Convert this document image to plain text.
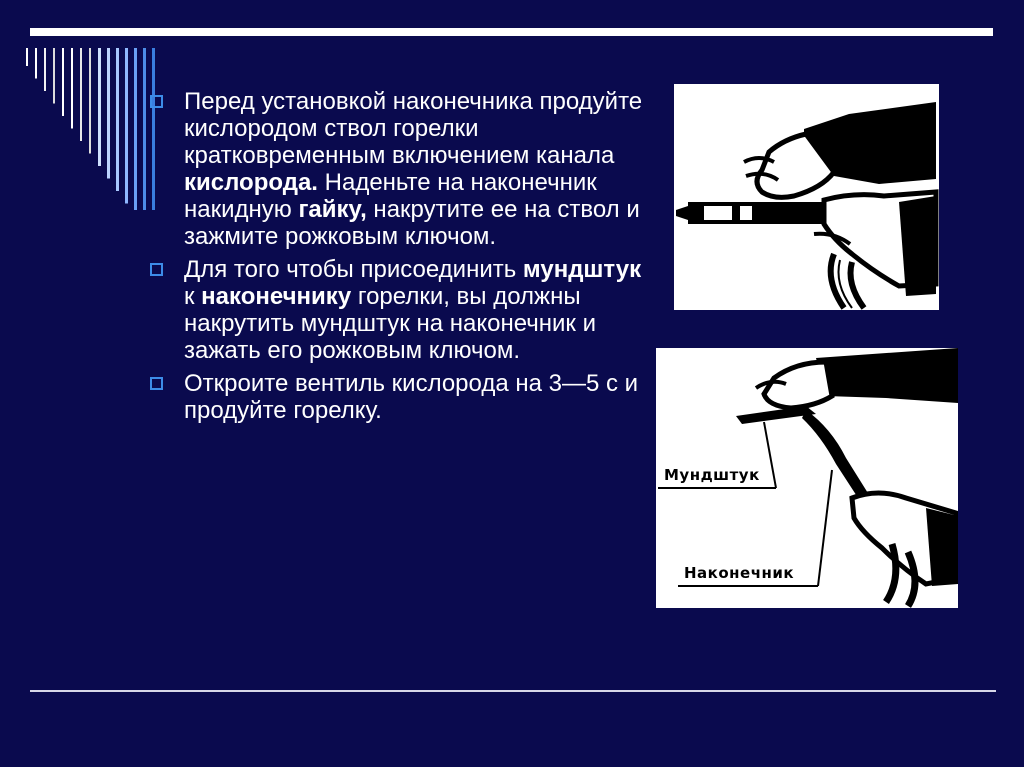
Перед установкой наконечника продуйте кислородом ствол горелки кратковременным включением канала кислорода. Наденьте на наконечник накидную гайку, накрутите ее на ствол и зажмите рожковым ключом.
Для того чтобы присоединить мундштук к наконечнику горелки, вы должны накрутить мундштук на наконечник и зажать его рожковым ключом.
Откроите вентиль кислорода на 3—5 с и продуйте горелку.
Мундштук
Наконечник
